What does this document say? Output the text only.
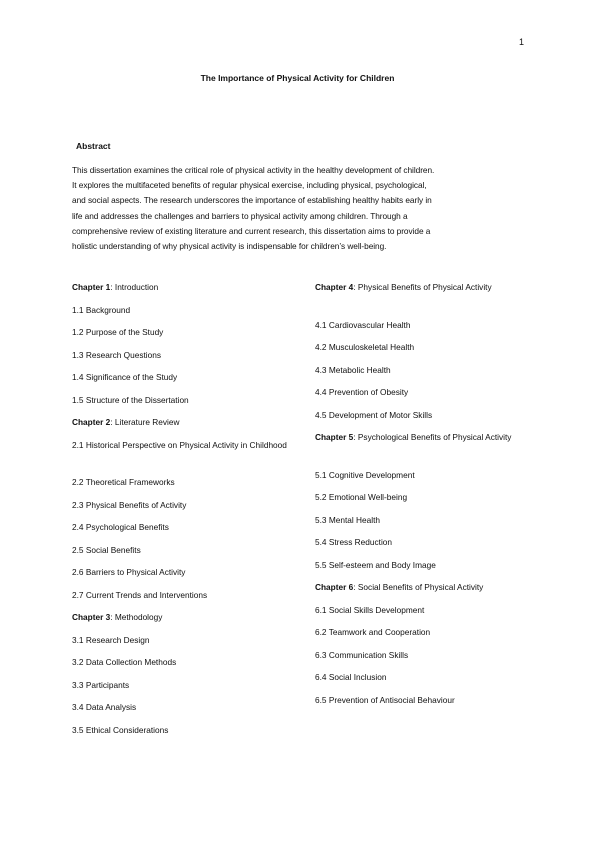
1
The Importance of Physical Activity for Children
Abstract

This dissertation examines the critical role of physical activity in the healthy development of children.
It explores the multifaceted benefits of regular physical exercise, including physical, psychological,
and social aspects. The research underscores the importance of establishing healthy habits early in
life and addresses the challenges and barriers to physical activity among children. Through a
comprehensive review of existing literature and current research, this dissertation aims to provide a
holistic understanding of why physical activity is indispensable for children’s well-being.

Chapter 1: Introduction
1.1 Background
1.2 Purpose of the Study
1.3 Research Questions
1.4 Significance of the Study
1.5 Structure of the Dissertation
Chapter 2: Literature Review
2.1 Historical Perspective on Physical Activity in Childhood
2.2 Theoretical Frameworks
2.3 Physical Benefits of Activity
2.4 Psychological Benefits
2.5 Social Benefits
2.6 Barriers to Physical Activity
2.7 Current Trends and Interventions
Chapter 3: Methodology
3.1 Research Design
3.2 Data Collection Methods
3.3 Participants
3.4 Data Analysis
3.5 Ethical Considerations
Chapter 4: Physical Benefits of Physical Activity
4.1 Cardiovascular Health
4.2 Musculoskeletal Health
4.3 Metabolic Health
4.4 Prevention of Obesity
4.5 Development of Motor Skills
Chapter 5: Psychological Benefits of Physical Activity
5.1 Cognitive Development
5.2 Emotional Well-being
5.3 Mental Health
5.4 Stress Reduction
5.5 Self-esteem and Body Image
Chapter 6: Social Benefits of Physical Activity
6.1 Social Skills Development
6.2 Teamwork and Cooperation
6.3 Communication Skills
6.4 Social Inclusion
6.5 Prevention of Antisocial Behaviour
